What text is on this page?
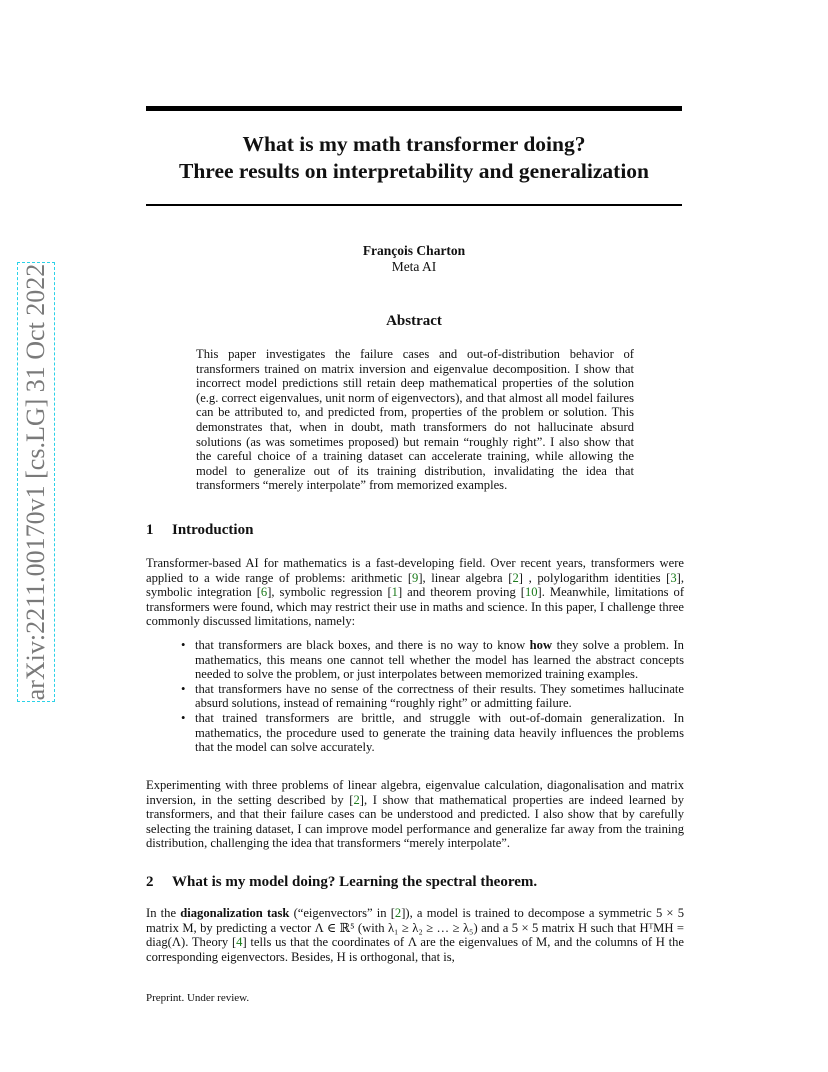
arXiv:2211.00170v1 [cs.LG] 31 Oct 2022
What is my math transformer doing?
Three results on interpretability and generalization
François Charton
Meta AI
Abstract
This paper investigates the failure cases and out-of-distribution behavior of transformers trained on matrix inversion and eigenvalue decomposition. I show that incorrect model predictions still retain deep mathematical properties of the solution (e.g. correct eigenvalues, unit norm of eigenvectors), and that almost all model failures can be attributed to, and predicted from, properties of the problem or solution. This demonstrates that, when in doubt, math transformers do not hallucinate absurd solutions (as was sometimes proposed) but remain “roughly right”. I also show that the careful choice of a training dataset can accelerate training, while allowing the model to generalize out of its training distribution, invalidating the idea that transformers “merely interpolate” from memorized examples.
1 Introduction
Transformer-based AI for mathematics is a fast-developing field. Over recent years, transformers were applied to a wide range of problems: arithmetic [ 9 ] , linear algebra [ 2 ] , polylogarithm identities [ 3 ] , symbolic integration [ 6 ] , symbolic regression [ 1 ] and theorem proving [ 10 ] . Meanwhile, limitations of transformers were found, which may restrict their use in maths and science. In this paper, I challenge three commonly discussed limitations, namely:
• that transformers are black boxes, and there is no way to know how they solve a problem. In mathematics, this means one cannot tell whether the model has learned the abstract concepts needed to solve the problem, or just interpolates between memorized training examples.
• that transformers have no sense of the correctness of their results. They sometimes hallucinate absurd solutions, instead of remaining “roughly right” or admitting failure.
• that trained transformers are brittle, and struggle with out-of-domain generalization. In mathematics, the procedure used to generate the training data heavily influences the problems that the model can solve accurately.
Experimenting with three problems of linear algebra, eigenvalue calculation, diagonalisation and matrix inversion, in the setting described by [ 2 ] , I show that mathematical properties are indeed learned by transformers, and that their failure cases can be understood and predicted. I also show that by carefully selecting the training dataset, I can improve model performance and generalize far away from the training distribution, challenging the idea that transformers “merely interpolate”.
2 What is my model doing? Learning the spectral theorem.
In the diagonalization task (“eigenvectors” in [ 2 ] ), a model is trained to decompose a symmetric 5 × 5 matrix M, by predicting a vector Λ ∈ ℝ⁵ (with λ₁ ≥ λ₂ ≥ … ≥ λ₅) and a 5 × 5 matrix H such that HᵀMH = diag(Λ). Theory [ 4 ] tells us that the coordinates of Λ are the eigenvalues of M, and the columns of H the corresponding eigenvectors. Besides, H is orthogonal, that is,
Preprint. Under review.
